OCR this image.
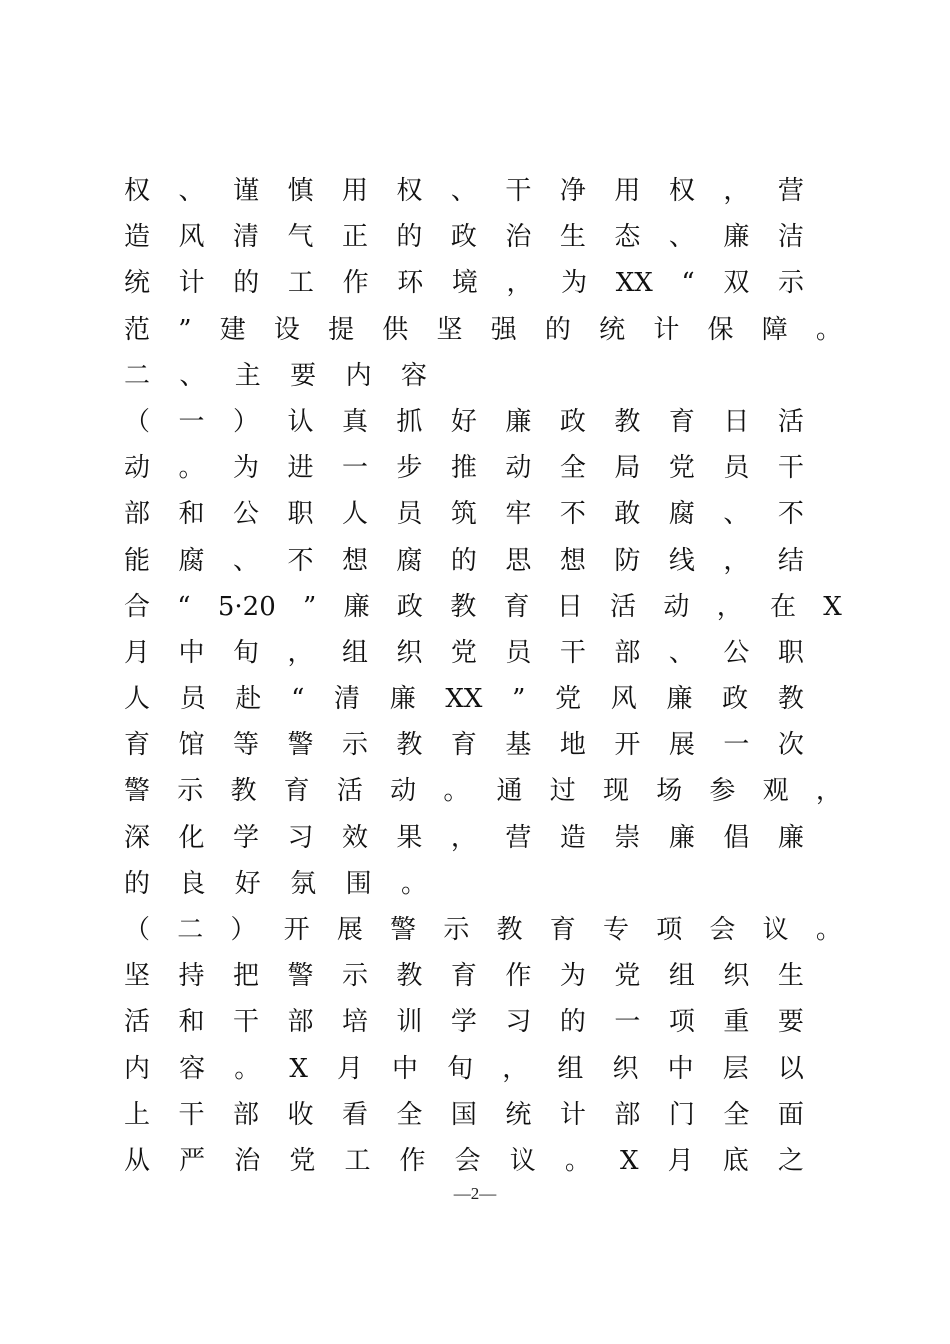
权 、 谨 慎 用 权 、 干 净 用 权 ， 营
造 风 清 气 正 的 政 治 生 态 、 廉 洁
统 计 的 工 作 环 境 ， 为 XX “ 双 示
范 ” 建 设 提 供 坚 强 的 统 计 保 障 。
二	、	主	要	内	容
（ 一 ） 认 真 抓 好 廉 政 教 育 日 活
动 。 为 进 一 步 推 动 全 局 党 员 干
部 和 公 职 人 员 筑 牢 不 敢 腐 、 不
能 腐 、 不 想 腐 的 思 想 防 线 ， 结
合 “ 5·20 ” 廉 政 教 育 日 活 动 ， 在 X
月 中 旬 ， 组 织 党 员 干 部 、 公 职
人 员 赴 “ 清 廉 XX ” 党 风 廉 政 教
育 馆 等 警 示 教 育 基 地 开 展 一 次
警 示 教 育 活 动 。 通 过 现 场 参 观 ，
深 化 学 习 效 果 ， 营 造 崇 廉 倡 廉
的	良	好	氛	围	。
（ 二 ） 开 展 警 示 教 育 专 项 会 议 。
坚 持 把 警 示 教 育 作 为 党 组 织 生
活 和 干 部 培 训 学 习 的 一 项 重 要
内 容 。 X 月 中 旬 ， 组 织 中 层 以
上 干 部 收 看 全 国 统 计 部 门 全 面
从 严 治 党 工 作 会 议 。 X 月 底 之
—2—
